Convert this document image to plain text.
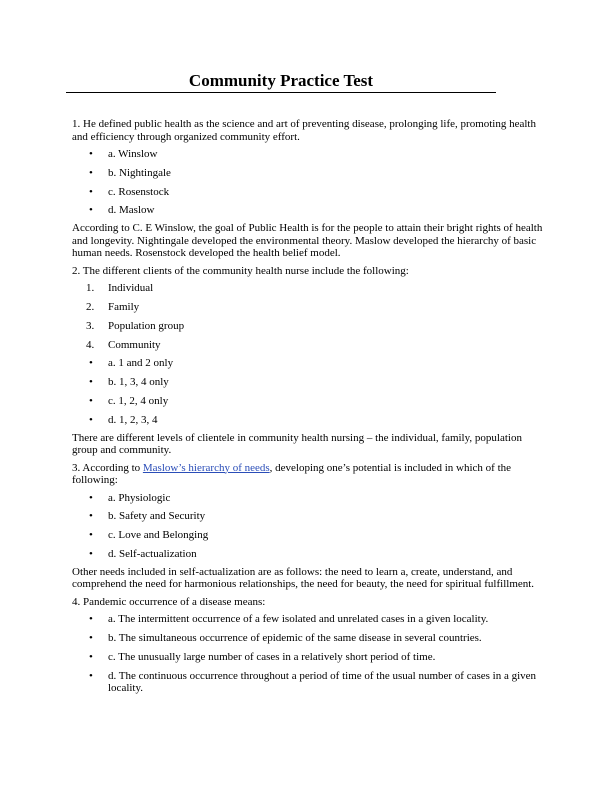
Community Practice Test

1. He defined public health as the science and art of preventing disease, prolonging life, promoting health and efficiency through organized community effort.

•	a. Winslow
•	b. Nightingale
•	c. Rosenstock
•	d. Maslow

According to C. E Winslow, the goal of Public Health is for the people to attain their bright rights of health and longevity. Nightingale developed the environmental theory. Maslow developed the hierarchy of basic human needs. Rosenstock developed the health belief model.

2. The different clients of the community health nurse include the following:

1.	Individual
2.	Family
3.	Population group
4.	Community
•	a. 1 and 2 only
•	b. 1, 3, 4 only
•	c. 1, 2, 4 only
•	d. 1, 2, 3, 4

There are different levels of clientele in community health nursing – the individual, family, population group and community.

3. According to Maslow’s hierarchy of needs, developing one’s potential is included in which of the following:

•	a. Physiologic
•	b. Safety and Security
•	c. Love and Belonging
•	d. Self-actualization

Other needs included in self-actualization are as follows: the need to learn a, create, understand, and comprehend the need for harmonious relationships, the need for beauty, the need for spiritual fulfillment.

4. Pandemic occurrence of a disease means:

•	a. The intermittent occurrence of a few isolated and unrelated cases in a given locality.
•	b. The simultaneous occurrence of epidemic of the same disease in several countries.
•	c. The unusually large number of cases in a relatively short period of time.
•	d. The continuous occurrence throughout a period of time of the usual number of cases in a given locality.
